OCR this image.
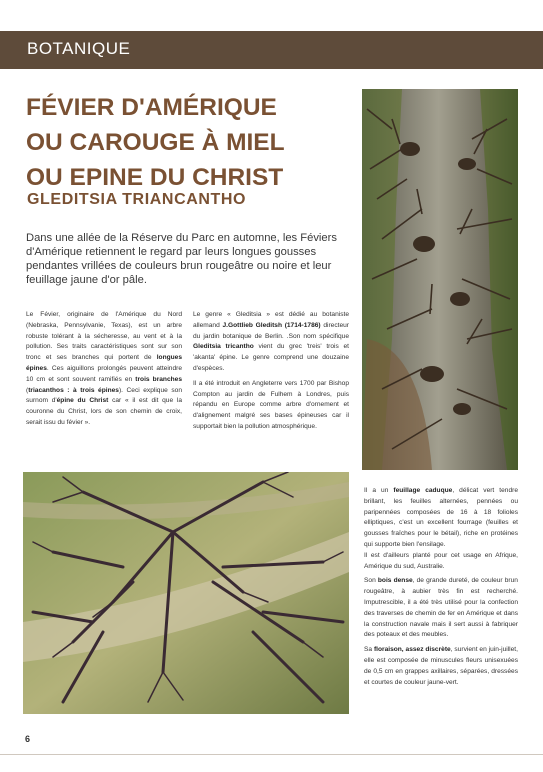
BOTANIQUE
FÉVIER D'AMÉRIQUE
OU CAROUGE À MIEL
OU EPINE DU CHRIST
GLEDITSIA TRIANCANTHO

Dans une allée de la Réserve du Parc en automne, les Féviers d'Amérique retiennent le regard par leurs longues gousses pendantes vrillées de couleurs brun rougeâtre ou noire et leur feuillage jaune d'or pâle.

Le Févier, originaire de l'Amérique du Nord (Nebraska, Pennsylvanie, Texas), est un arbre robuste tolérant à la sécheresse, au vent et à la pollution. Ses traits caractéristiques sont sur son tronc et ses branches qui portent de longues épines. Ces aiguillons prolongés peuvent atteindre 10 cm et sont souvent ramifiés en trois branches (triacanthos : à trois épines). Ceci explique son surnom d'épine du Christ car « il est dit que la couronne du Christ, lors de son chemin de croix, serait issu du févier ».

Le genre « Gleditsia » est dédié au botaniste allemand J.Gottlieb Gleditsh (1714-1786) directeur du jardin botanique de Berlin. .Son nom spécifique Gleditsia tricantho vient du grec 'treis' trois et 'akanta' épine. Le genre comprend une douzaine d'espèces.

Il a été introduit en Angleterre vers 1700 par Bishop Compton au jardin de Fulhem à Londres, puis répandu en Europe comme arbre d'ornement et d'alignement malgré ses bases épineuses car il supportait bien la pollution atmosphérique.

Il a un feuillage caduque, délicat vert tendre brillant, les feuilles alternées, pennées ou paripennées composées de 16 à 18 folioles elliptiques, c'est un excellent fourrage (feuilles et gousses fraîches pour le bétail), riche en protéines qui supporte bien l'ensilage.
Il est d'ailleurs planté pour cet usage en Afrique, Amérique du sud, Australie.

Son bois dense, de grande dureté, de couleur brun rougeâtre, à aubier très fin est recherché. Imputrescible, il a été très utilisé pour la confection des traverses de chemin de fer en Amérique et dans la construction navale mais il sert aussi à fabriquer des poteaux et des meubles.

Sa floraison, assez discrète, survient en juin-juillet, elle est composée de minuscules fleurs unisexuées de 0,5 cm en grappes axillaires, séparées, dressées et courtes de couleur jaune-vert.

6
